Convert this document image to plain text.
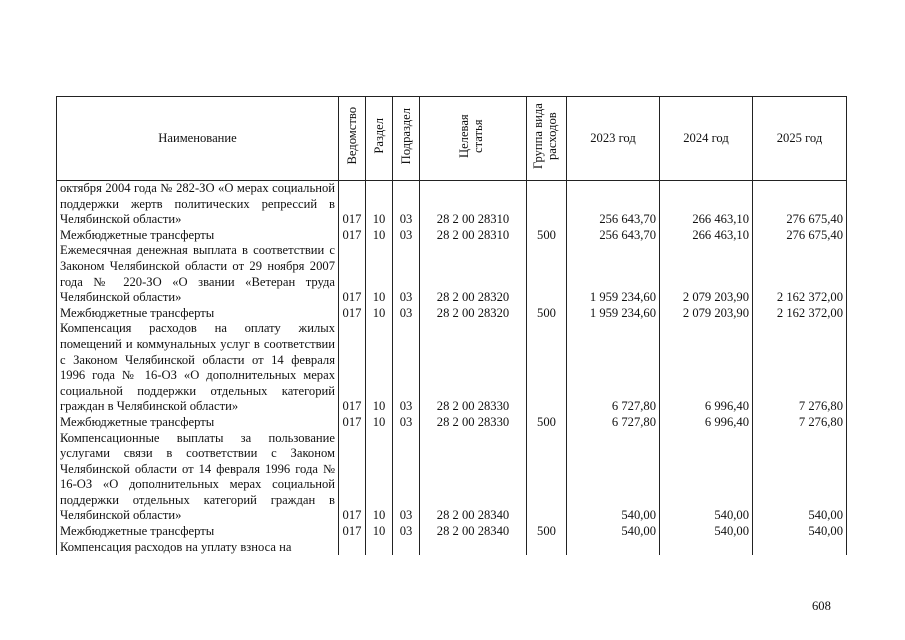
Наименование	Ведомство	Раздел	Подраздел	Целевая статья	Группа вида расходов	2023 год	2024 год	2025 год
октября 2004 года № 282-ЗО «О мерах социальной поддержки жертв политических репрессий в Челябинской области»	017	10	03	28 2 00 28310		256 643,70	266 463,10	276 675,40
Межбюджетные трансферты	017	10	03	28 2 00 28310	500	256 643,70	266 463,10	276 675,40
Ежемесячная денежная выплата в соответствии с Законом Челябинской области от 29 ноября 2007 года № 220-ЗО «О звании «Ветеран труда Челябинской области»	017	10	03	28 2 00 28320		1 959 234,60	2 079 203,90	2 162 372,00
Межбюджетные трансферты	017	10	03	28 2 00 28320	500	1 959 234,60	2 079 203,90	2 162 372,00
Компенсация расходов на оплату жилых помещений и коммунальных услуг в соответствии с Законом Челябинской области от 14 февраля 1996 года № 16-ОЗ «О дополнительных мерах социальной поддержки отдельных категорий граждан в Челябинской области»	017	10	03	28 2 00 28330		6 727,80	6 996,40	7 276,80
Межбюджетные трансферты	017	10	03	28 2 00 28330	500	6 727,80	6 996,40	7 276,80
Компенсационные выплаты за пользование услугами связи в соответствии с Законом Челябинской области от 14 февраля 1996 года № 16-ОЗ «О дополнительных мерах социальной поддержки отдельных категорий граждан в Челябинской области»	017	10	03	28 2 00 28340		540,00	540,00	540,00
Межбюджетные трансферты	017	10	03	28 2 00 28340	500	540,00	540,00	540,00
Компенсация расходов на уплату взноса на								
608
